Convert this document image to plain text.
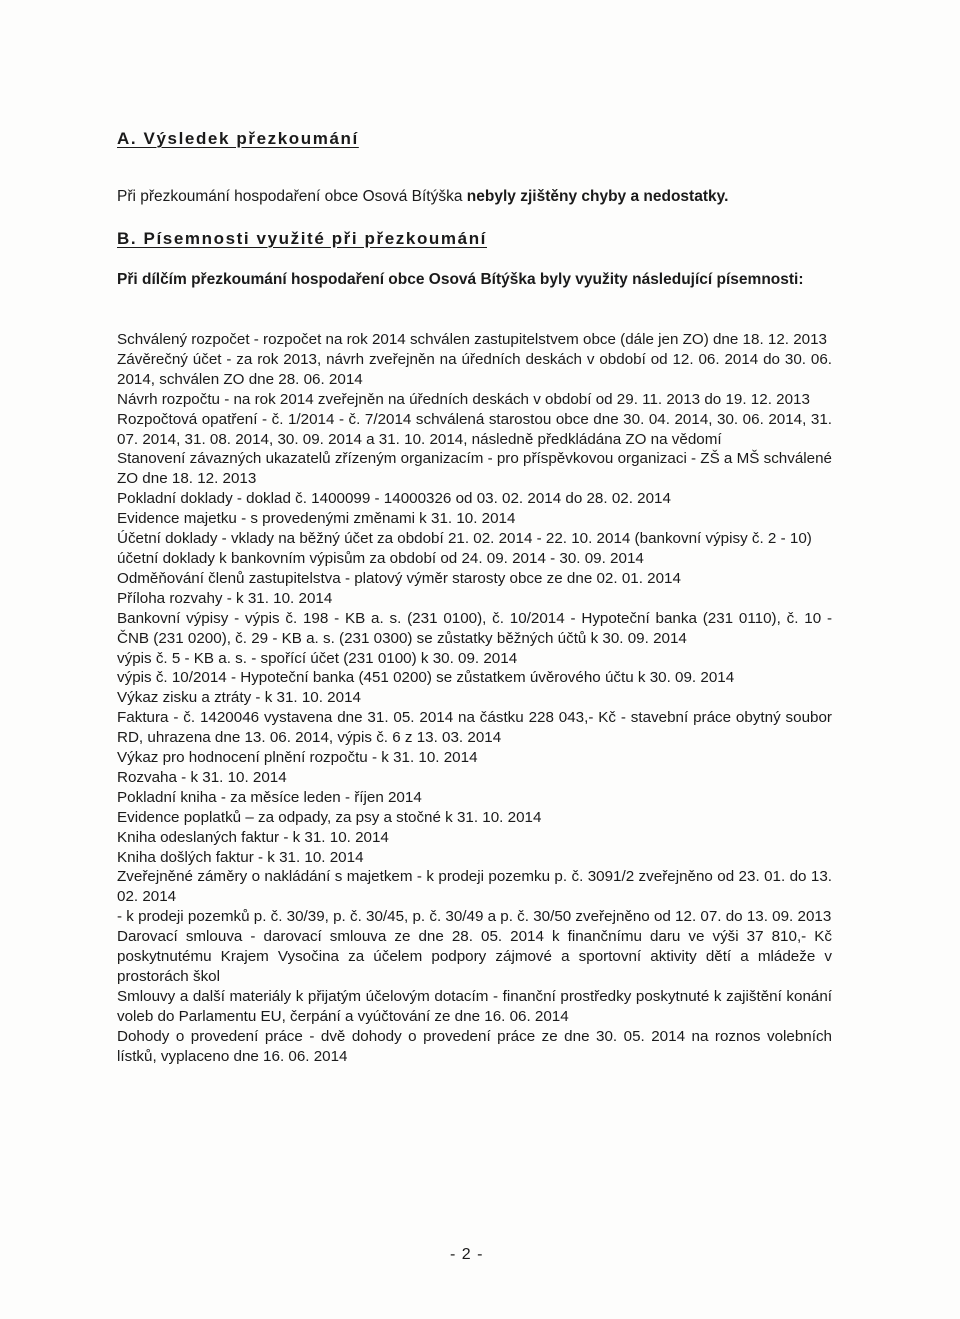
A. Výsledek přezkoumání
Při přezkoumání hospodaření obce Osová Bítýška nebyly zjištěny chyby a nedostatky.
B. Písemnosti využité při přezkoumání
Při dílčím přezkoumání hospodaření obce Osová Bítýška byly využity následující písemnosti:
Schválený rozpočet - rozpočet na rok 2014 schválen zastupitelstvem obce (dále jen ZO) dne 18. 12. 2013
Závěrečný účet - za rok 2013, návrh zveřejněn na úředních deskách v období od 12. 06. 2014 do 30. 06. 2014, schválen ZO dne 28. 06. 2014
Návrh rozpočtu - na rok 2014 zveřejněn na úředních deskách v období od 29. 11. 2013 do 19. 12. 2013
Rozpočtová opatření - č. 1/2014 - č. 7/2014 schválená starostou obce dne 30. 04. 2014, 30. 06. 2014, 31. 07. 2014, 31. 08. 2014, 30. 09. 2014 a 31. 10. 2014, následně předkládána ZO na vědomí
Stanovení závazných ukazatelů zřízeným organizacím - pro příspěvkovou organizaci - ZŠ a MŠ schválené ZO dne 18. 12. 2013
Pokladní doklady - doklad č. 1400099 - 14000326 od 03. 02. 2014 do 28. 02. 2014
Evidence majetku - s provedenými změnami k 31. 10. 2014
Účetní doklady - vklady na běžný účet za období 21. 02. 2014 - 22. 10. 2014 (bankovní výpisy č. 2 - 10)
účetní doklady k bankovním výpisům za období od 24. 09. 2014 - 30. 09. 2014
Odměňování členů zastupitelstva - platový výměr starosty obce ze dne 02. 01. 2014
Příloha rozvahy - k 31. 10. 2014
Bankovní výpisy - výpis č. 198 - KB a. s. (231 0100), č. 10/2014 - Hypoteční banka (231 0110), č. 10 - ČNB (231 0200), č. 29 - KB a. s. (231 0300) se zůstatky běžných účtů k 30. 09. 2014
výpis č. 5 - KB a. s. - spořící účet (231 0100) k 30. 09. 2014
výpis č. 10/2014 - Hypoteční banka (451 0200) se zůstatkem úvěrového účtu k 30. 09. 2014
Výkaz zisku a ztráty - k 31. 10. 2014
Faktura - č. 1420046 vystavena dne 31. 05. 2014 na částku 228 043,- Kč - stavební práce obytný soubor RD, uhrazena dne 13. 06. 2014, výpis č. 6 z 13. 03. 2014
Výkaz pro hodnocení plnění rozpočtu - k 31. 10. 2014
Rozvaha - k 31. 10. 2014
Pokladní kniha - za měsíce leden - říjen 2014
Evidence poplatků – za odpady, za psy a stočné k 31. 10. 2014
Kniha odeslaných faktur - k 31. 10. 2014
Kniha došlých faktur - k 31. 10. 2014
Zveřejněné záměry o nakládání s majetkem - k prodeji pozemku p. č. 3091/2 zveřejněno od 23. 01. do 13. 02. 2014
- k prodeji pozemků p. č. 30/39, p. č. 30/45, p. č. 30/49 a p. č. 30/50 zveřejněno od 12. 07. do 13. 09. 2013
Darovací smlouva - darovací smlouva ze dne 28. 05. 2014 k finančnímu daru ve výši 37 810,- Kč poskytnutému Krajem Vysočina za účelem podpory zájmové a sportovní aktivity dětí a mládeže v prostorách škol
Smlouvy a další materiály k přijatým účelovým dotacím - finanční prostředky poskytnuté k zajištění konání voleb do Parlamentu EU, čerpání a vyúčtování ze dne 16. 06. 2014
Dohody o provedení práce - dvě dohody o provedení práce ze dne 30. 05. 2014 na roznos volebních lístků, vyplaceno dne 16. 06. 2014
- 2 -
